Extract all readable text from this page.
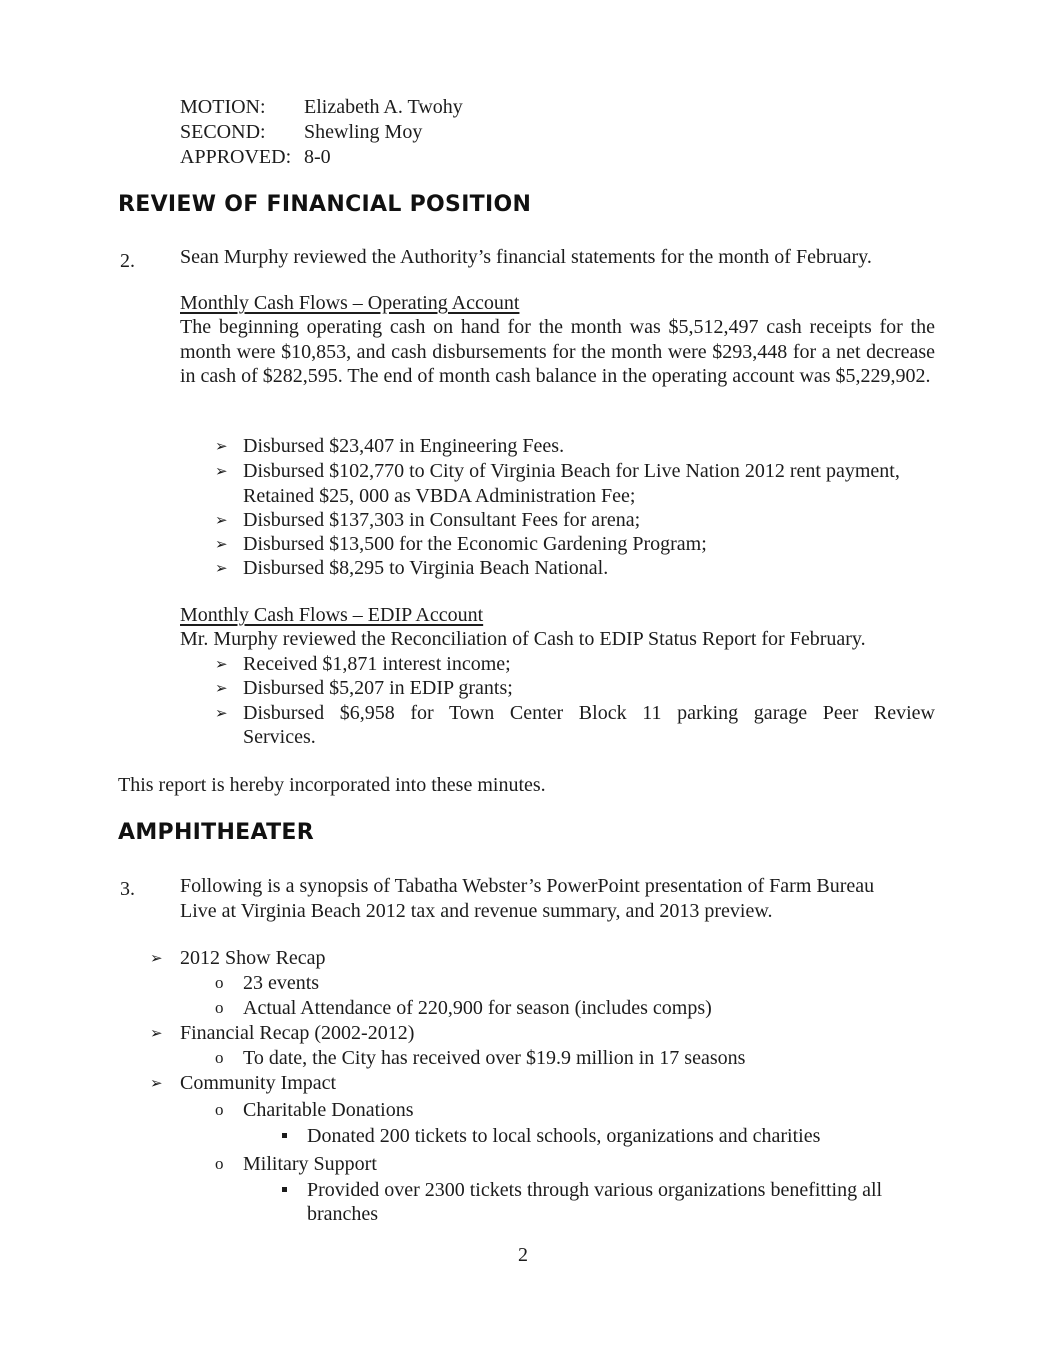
MOTION: Elizabeth A. Twohy
SECOND: Shewling Moy
APPROVED: 8-0
REVIEW OF FINANCIAL POSITION
2. Sean Murphy reviewed the Authority’s financial statements for the month of February.
Monthly Cash Flows – Operating Account

The beginning operating cash on hand for the month was $5,512,497 cash receipts for the month were $10,853, and cash disbursements for the month were $293,448 for a net decrease in cash of $282,595. The end of month cash balance in the operating account was $5,229,902.

➢ Disbursed $23,407 in Engineering Fees.
➢ Disbursed $102,770 to City of Virginia Beach for Live Nation 2012 rent payment,
Retained $25, 000 as VBDA Administration Fee;
➢ Disbursed $137,303 in Consultant Fees for arena;
➢ Disbursed $13,500 for the Economic Gardening Program;
➢ Disbursed $8,295 to Virginia Beach National.
Monthly Cash Flows – EDIP Account
Mr. Murphy reviewed the Reconciliation of Cash to EDIP Status Report for February.
➢ Received $1,871 interest income;
➢ Disbursed $5,207 in EDIP grants;
➢ Disbursed $6,958 for Town Center Block 11 parking garage Peer Review
Services.
This report is hereby incorporated into these minutes.
AMPHITHEATER
3. Following is a synopsis of Tabatha Webster’s PowerPoint presentation of Farm Bureau
Live at Virginia Beach 2012 tax and revenue summary, and 2013 preview.
➢ 2012 Show Recap
o 23 events
o Actual Attendance of 220,900 for season (includes comps)
➢ Financial Recap (2002-2012)
o To date, the City has received over $19.9 million in 17 seasons
➢ Community Impact
o Charitable Donations
Donated 200 tickets to local schools, organizations and charities
o Military Support
Provided over 2300 tickets through various organizations benefitting all
branches
2
